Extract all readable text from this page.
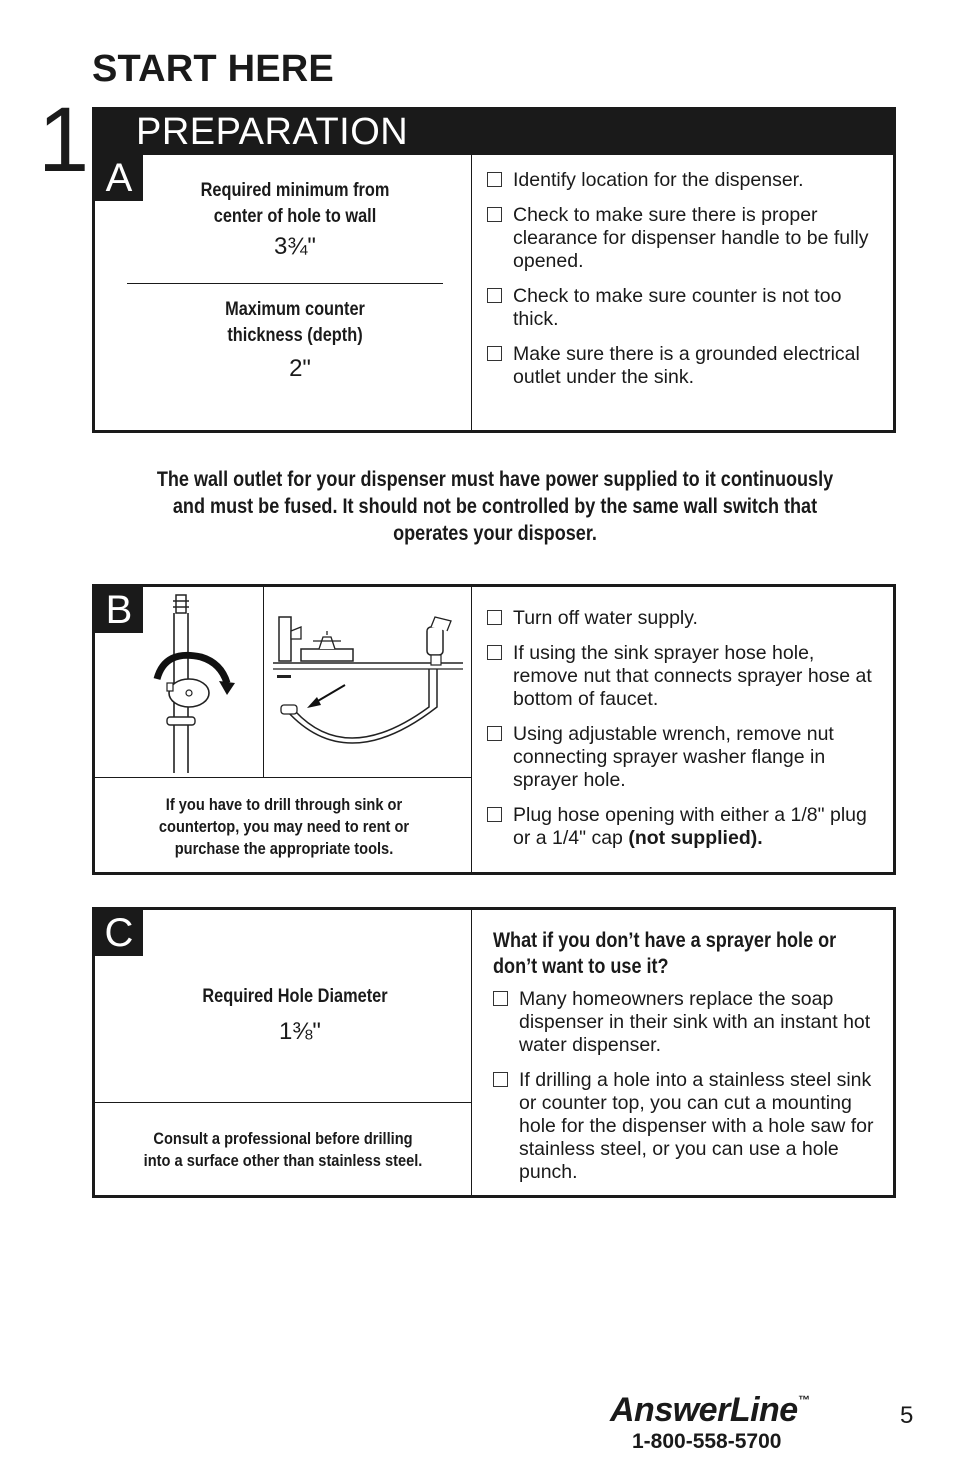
START HERE
1 PREPARATION
A	Required minimum from center of hole to wall
3¾"
Maximum counter thickness (depth)
2"
Identify location for the dispenser.
Check to make sure there is proper clearance for dispenser handle to be fully opened.
Check to make sure counter is not too thick.
Make sure there is a grounded electrical outlet under the sink.
The wall outlet for your dispenser must have power supplied to it continuously and must be fused. It should not be controlled by the same wall switch that operates your disposer.
B
If you have to drill through sink or countertop, you may need to rent or purchase the appropriate tools.
Turn off water supply.
If using the sink sprayer hose hole, remove nut that connects sprayer hose at bottom of faucet.
Using adjustable wrench, remove nut connecting sprayer washer flange in sprayer hole.
Plug hose opening with either a 1/8" plug or a 1/4" cap (not supplied).
C
Required Hole Diameter
1⅜"
Consult a professional before drilling into a surface other than stainless steel.
What if you don’t have a sprayer hole or don’t want to use it?
Many homeowners replace the soap dispenser in their sink with an instant hot water dispenser.
If drilling a hole into a stainless steel sink or counter top, you can cut a mounting hole for the dispenser with a hole saw for stainless steel, or you can use a hole punch.
AnswerLine™
1-800-558-5700
5
